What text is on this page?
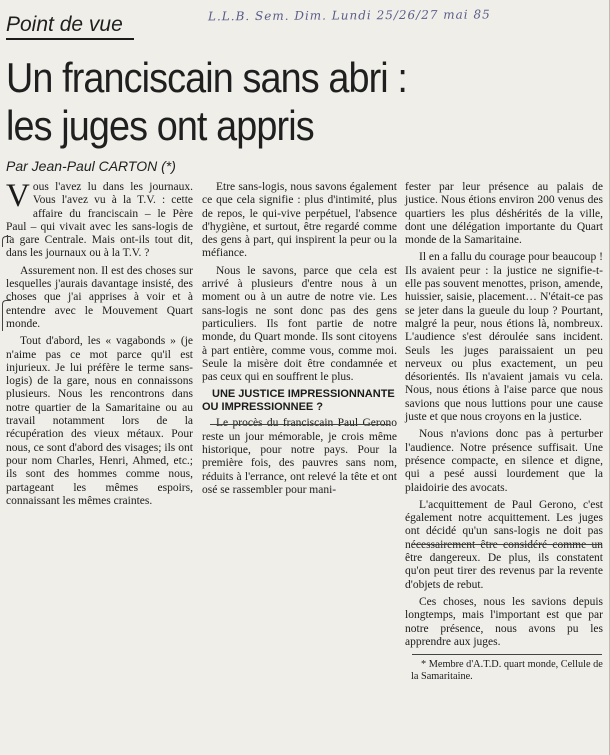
Point de vue	L.L.B. Sem. Dim. Lundi 25/26/27 mai 85
Un franciscain sans abri :
les juges ont appris
Par Jean-Paul CARTON (*)

Vous l'avez lu dans les journaux. Vous l'avez vu à la T.V. : cette affaire du franciscain – le Père Paul – qui vivait avec les sans-logis de la gare Centrale. Mais ont-ils tout dit, dans les journaux ou à la T.V. ?

Assurement non. Il est des choses sur lesquelles j'aurais davantage insisté, des choses que j'ai apprises à voir et à entendre avec le Mouvement Quart monde.

Tout d'abord, les « vagabonds » (je n'aime pas ce mot parce qu'il est injurieux. Je lui préfère le terme sans-logis) de la gare, nous en connaissons plusieurs. Nous les rencontrons dans notre quartier de la Samaritaine ou au travail notamment lors de la récupération des vieux métaux. Pour nous, ce sont d'abord des visages; ils ont pour nom Charles, Henri, Ahmed, etc.; ils sont des hommes comme nous, partageant les mêmes espoirs, connaissant les mêmes craintes.

Etre sans-logis, nous savons également ce que cela signifie : plus d'intimité, plus de repos, le qui-vive perpétuel, l'absence d'hygiène, et surtout, être regardé comme des gens à part, qui inspirent la peur ou la méfiance.

Nous le savons, parce que cela est arrivé à plusieurs d'entre nous à un moment ou à un autre de notre vie. Les sans-logis ne sont donc pas des gens particuliers. Ils font partie de notre monde, du Quart monde. Ils sont citoyens à part entière, comme vous, comme moi. Seule la misère doit être condamnée et pas ceux qui en souffrent le plus.

UNE JUSTICE IMPRESSIONNANTE OU IMPRESSIONNEE ?

Le procès du franciscain Paul Gerono reste un jour mémorable, je crois même historique, pour notre pays. Pour la première fois, des pauvres sans nom, réduits à l'errance, ont relevé la tête et ont osé se rassembler pour mani-

fester par leur présence au palais de justice. Nous étions environ 200 venus des quartiers les plus déshérités de la ville, dont une délégation importante du Quart monde de la Samaritaine.

Il en a fallu du courage pour beaucoup ! Ils avaient peur : la justice ne signifie-t-elle pas souvent menottes, prison, amende, huissier, saisie, placement… N'était-ce pas se jeter dans la gueule du loup ? Pourtant, malgré la peur, nous étions là, nombreux. L'audience s'est déroulée sans incident. Seuls les juges paraissaient un peu nerveux ou plus exactement, un peu désorientés. Ils n'avaient jamais vu cela. Nous, nous étions à l'aise parce que nous savions que nous luttions pour une cause juste et que nous croyons en la justice.

Nous n'avions donc pas à perturber l'audience. Notre présence suffisait. Une présence compacte, en silence et digne, qui a pesé aussi lourdement que la plaidoirie des avocats.

L'acquittement de Paul Gerono, c'est également notre acquittement. Les juges ont décidé qu'un sans-logis ne doit pas nécessairement être considéré comme un être dangereux. De plus, ils constatent qu'on peut tirer des revenus par la revente d'objets de rebut.

Ces choses, nous les savions depuis longtemps, mais l'important est que par notre présence, nous avons pu les apprendre aux juges.

* Membre d'A.T.D. quart monde, Cellule de la Samaritaine.
